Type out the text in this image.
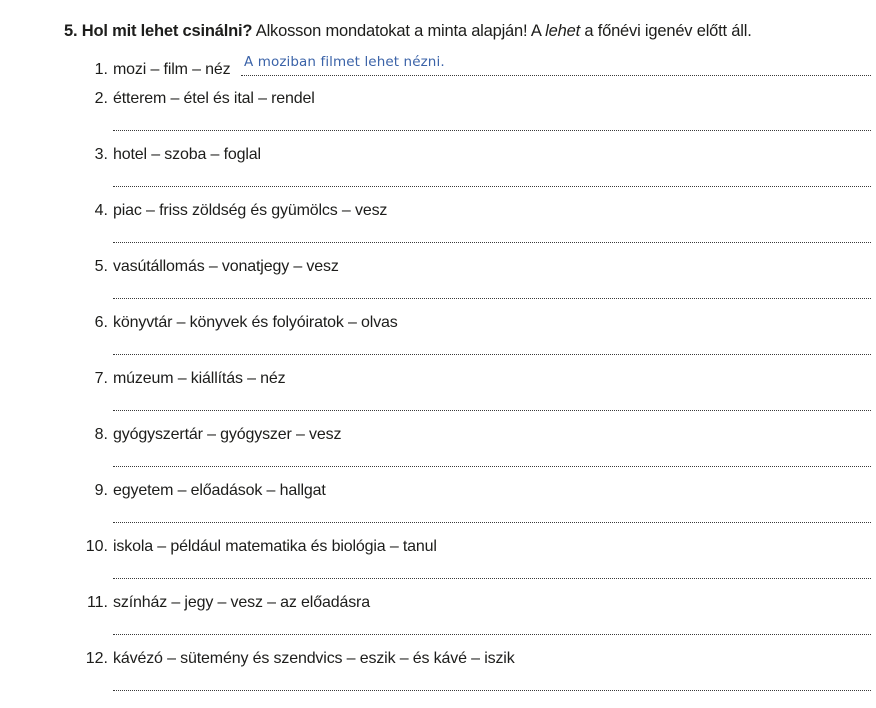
5. Hol mit lehet csinálni? Alkosson mondatokat a minta alapján! A lehet a főnévi igenév előtt áll.
1. mozi – film – néz A moziban filmet lehet nézni.
2. étterem – étel és ital – rendel
3. hotel – szoba – foglal
4. piac – friss zöldség és gyümölcs – vesz
5. vasútállomás – vonatjegy – vesz
6. könyvtár – könyvek és folyóiratok – olvas
7. múzeum – kiállítás – néz
8. gyógyszertár – gyógyszer – vesz
9. egyetem – előadások – hallgat
10. iskola – például matematika és biológia – tanul
11. színház – jegy – vesz – az előadásra
12. kávézó – sütemény és szendvics – eszik – és kávé – iszik
